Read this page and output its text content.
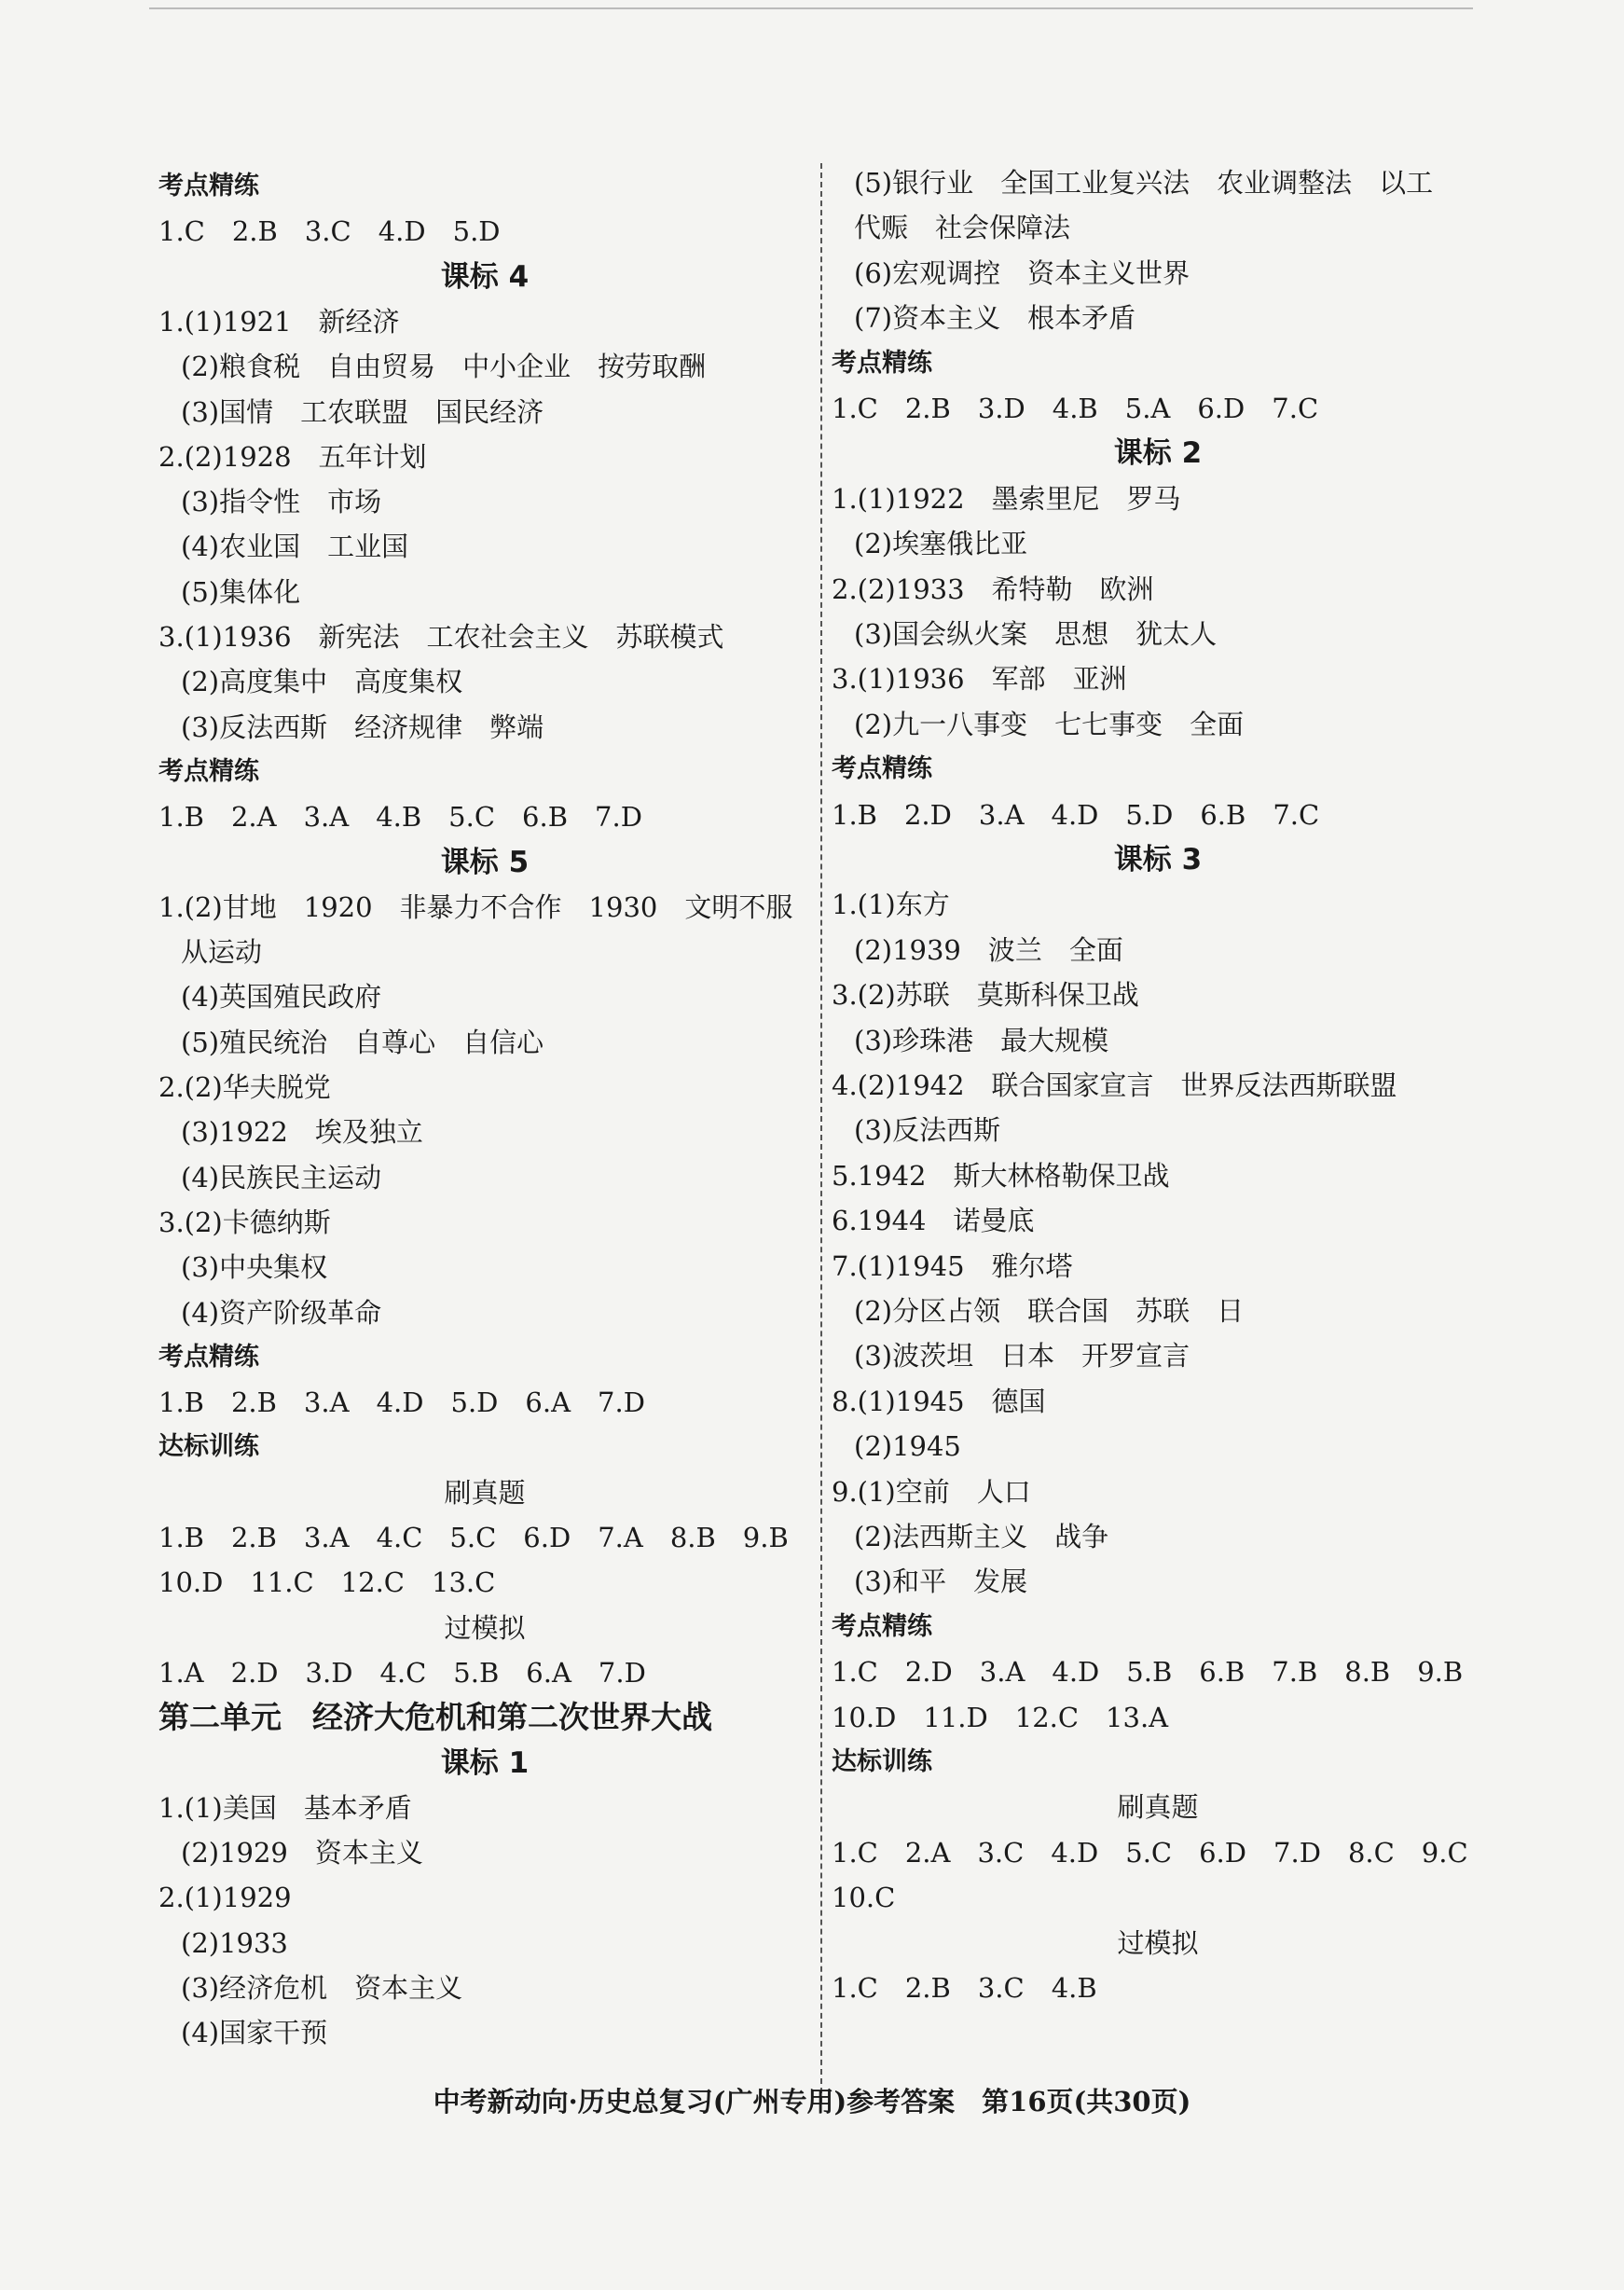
考点精练
1.C　2.B　3.C　4.D　5.D
课标 4
1.(1)1921　新经济
(2)粮食税　自由贸易　中小企业　按劳取酬
(3)国情　工农联盟　国民经济
2.(2)1928　五年计划
(3)指令性　市场
(4)农业国　工业国
(5)集体化
3.(1)1936　新宪法　工农社会主义　苏联模式
(2)高度集中　高度集权
(3)反法西斯　经济规律　弊端
考点精练
1.B　2.A　3.A　4.B　5.C　6.B　7.D
课标 5
1.(2)甘地　1920　非暴力不合作　1930　文明不服
从运动
(4)英国殖民政府
(5)殖民统治　自尊心　自信心
2.(2)华夫脱党
(3)1922　埃及独立
(4)民族民主运动
3.(2)卡德纳斯
(3)中央集权
(4)资产阶级革命
考点精练
1.B　2.B　3.A　4.D　5.D　6.A　7.D
达标训练
刷真题
1.B　2.B　3.A　4.C　5.C　6.D　7.A　8.B　9.B
10.D　11.C　12.C　13.C
过模拟
1.A　2.D　3.D　4.C　5.B　6.A　7.D
第二单元　经济大危机和第二次世界大战
课标 1
1.(1)美国　基本矛盾
(2)1929　资本主义
2.(1)1929
(2)1933
(3)经济危机　资本主义
(4)国家干预
(5)银行业　全国工业复兴法　农业调整法　以工
代赈　社会保障法
(6)宏观调控　资本主义世界
(7)资本主义　根本矛盾
考点精练
1.C　2.B　3.D　4.B　5.A　6.D　7.C
课标 2
1.(1)1922　墨索里尼　罗马
(2)埃塞俄比亚
2.(2)1933　希特勒　欧洲
(3)国会纵火案　思想　犹太人
3.(1)1936　军部　亚洲
(2)九一八事变　七七事变　全面
考点精练
1.B　2.D　3.A　4.D　5.D　6.B　7.C
课标 3
1.(1)东方
(2)1939　波兰　全面
3.(2)苏联　莫斯科保卫战
(3)珍珠港　最大规模
4.(2)1942　联合国家宣言　世界反法西斯联盟
(3)反法西斯
5.1942　斯大林格勒保卫战
6.1944　诺曼底
7.(1)1945　雅尔塔
(2)分区占领　联合国　苏联　日
(3)波茨坦　日本　开罗宣言
8.(1)1945　德国
(2)1945
9.(1)空前　人口
(2)法西斯主义　战争
(3)和平　发展
考点精练
1.C　2.D　3.A　4.D　5.B　6.B　7.B　8.B　9.B
10.D　11.D　12.C　13.A
达标训练
刷真题
1.C　2.A　3.C　4.D　5.C　6.D　7.D　8.C　9.C
10.C
过模拟
1.C　2.B　3.C　4.B
中考新动向·历史总复习(广州专用)参考答案　第16页(共30页)
